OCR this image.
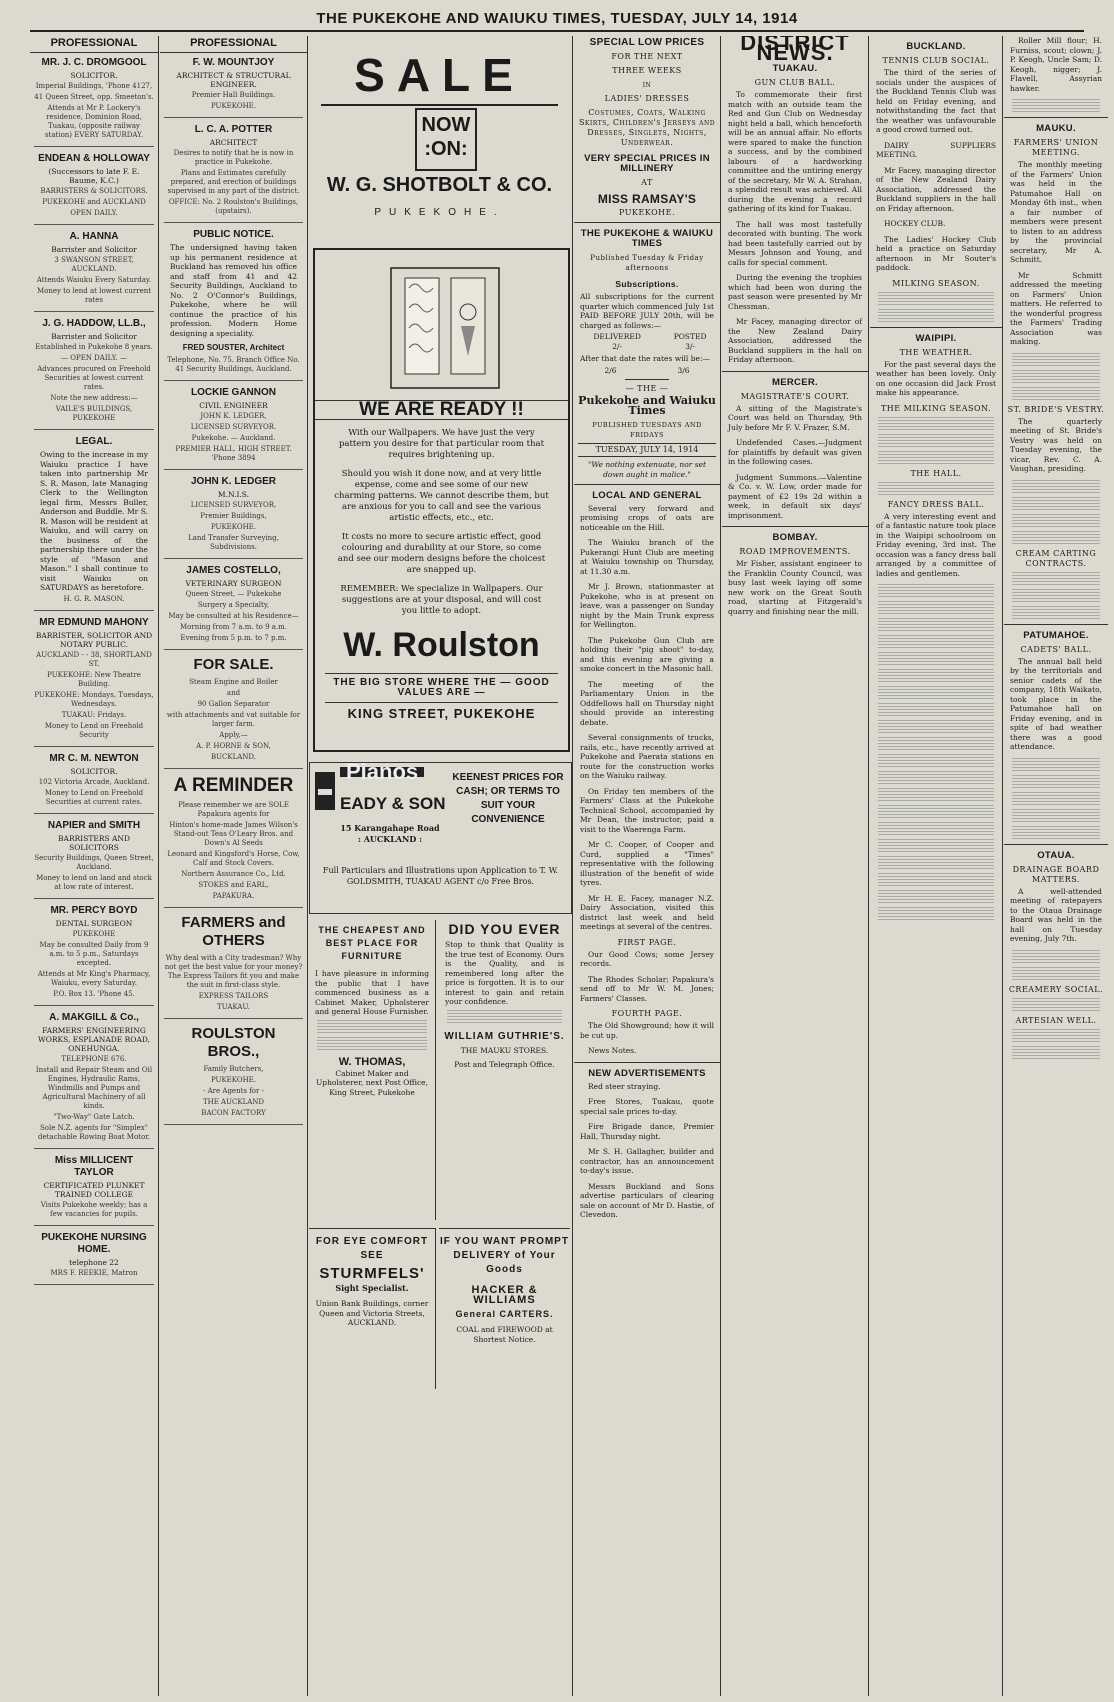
THE PUKEKOHE AND WAIUKU TIMES, TUESDAY, JULY 14, 1914
PROFESSIONAL
MR. J. C. DROMGOOL
SOLICITOR.
Imperial Buildings, 'Phone 4127,
41 Queen Street, opp. Smeeton's.
Attends at Mr P. Lockery's residence, Dominion Road, Tuakau, (opposite railway station) EVERY SATURDAY.
ENDEAN & HOLLOWAY
(Successors to late F. E. Baume, K.C.)
BARRISTERS & SOLICITORS.
PUKEKOHE and AUCKLAND
OPEN DAILY.
A. HANNA
Barrister and Solicitor
3 SWANSON STREET, AUCKLAND.
Attends Waiuku Every Saturday.
Money to lend at lowest current rates
J. G. HADDOW, LL.B.,
Barrister and Solicitor
Established in Pukekohe 8 years.
— OPEN DAILY. —
Advances procured on Freehold Securities at lowest current rates.
Note the new address:—
VAILE'S BUILDINGS, PUKEKOHE
LEGAL.
Owing to the increase in my Waiuku practice I have taken into partnership Mr S. R. Mason, late Managing Clerk to the Wellington legal firm, Messrs Buller, Anderson and Buddle. Mr S. R. Mason will be resident at Waiuku, and will carry on the business of the partnership there under the style of "Mason and Mason." I shall continue to visit Waiuku on SATURDAYS as heretofore.
H. G. R. MASON.
MR EDMUND MAHONY
BARRISTER, SOLICITOR AND NOTARY PUBLIC.
AUCKLAND - - 38, SHORTLAND ST.
PUKEKOHE: New Theatre Building.
PUKEKOHE: Mondays, Tuesdays, Wednesdays.
TUAKAU: Fridays.
Money to Lend on Freehold Security
MR C. M. NEWTON
SOLICITOR.
102 Victoria Arcade, Auckland.
Money to Lend on Freehold Securities at current rates.
NAPIER and SMITH
BARRISTERS AND SOLICITORS
Security Buildings, Queen Street, Auckland.
Money to lend on land and stock at low rate of interest.
MR. PERCY BOYD
DENTAL SURGEON
PUKEKOHE
May be consulted Daily from 9 a.m. to 5 p.m., Saturdays excepted.
Attends at Mr King's Pharmacy, Waiuku, every Saturday.
P.O. Box 13. 'Phone 45.
A. MAKGILL & Co.,
FARMERS' ENGINEERING WORKS, ESPLANADE ROAD, ONEHUNGA.
TELEPHONE 676.
Install and Repair Steam and Oil Engines, Hydraulic Rams, Windmills and Pumps and Agricultural Machinery of all kinds.
"Two-Way" Gate Latch.
Sole N.Z. agents for "Simplex" detachable Rowing Boat Motor.
Miss MILLICENT TAYLOR
CERTIFICATED PLUNKET TRAINED COLLEGE
Visits Pukekohe weekly; has a few vacancies for pupils.
PUKEKOHE NURSING HOME.
telephone 22
MRS F. REEKIE, Matron
PROFESSIONAL
F. W. MOUNTJOY
ARCHITECT & STRUCTURAL ENGINEER.
Premier Hall Buildings.
PUKEKOHE.
L. C. A. POTTER
ARCHITECT
Desires to notify that he is now in practice in Pukekohe.
Plans and Estimates carefully prepared, and erection of buildings supervised in any part of the district.
OFFICE: No. 2 Roulston's Buildings, (upstairs).
PUBLIC NOTICE.
The undersigned having taken up his permanent residence at Buckland has removed his office and staff from 41 and 42 Security Buildings, Auckland to No. 2 O'Connor's Buildings, Pukekohe, where he will continue the practice of his profession. Modern Home designing a speciality.
FRED SOUSTER, Architect
Telephone, No. 75. Branch Office No. 41 Security Buildings, Auckland.
LOCKIE GANNON
CIVIL ENGINEER
JOHN K. LEDGER,
LICENSED SURVEYOR.
Pukekohe. — Auckland.
PREMIER HALL. HIGH STREET. 'Phone 3894
JOHN K. LEDGER
M.N.I.S.
LICENSED SURVEYOR,
Premier Buildings,
PUKEKOHE.
Land Transfer Surveying, Subdivisions.
JAMES COSTELLO,
VETERINARY SURGEON
Queen Street, — Pukekohe
Surgery a Specialty,
May be consulted at his Residence—
Morning from 7 a.m. to 9 a.m.
Evening from 5 p.m. to 7 p.m.
FOR SALE.
Steam Engine and Boiler
and
90 Gallon Separator
with attachments and vat suitable for larger farm.
Apply,—
A. P. HORNE & SON,
BUCKLAND.
A REMINDER
Please remember we are SOLE Papakura agents for
Hinton's home-made James Wilson's Stand-out Teas O'Leary Bros. and Down's Al Seeds
Leonard and Kingsford's Horse, Cow, Calf and Stock Covers.
Northern Assurance Co., Ltd.
STOKES and EARL,
PAPAKURA.
FARMERS and OTHERS
Why deal with a City tradesman? Why not get the best value for your money? The Express Tailors fit you and make the suit in first-class style.
EXPRESS TAILORS
TUAKAU.
ROULSTON BROS.,
Family Butchers,
PUKEKOHE.
- Are Agents for -
THE AUCKLAND
BACON FACTORY
SALE
NOW :ON:
W. G. SHOTBOLT & CO.
PUKEKOHE.
WE ARE READY !!
With our Wallpapers. We have just the very pattern you desire for that particular room that requires brightening up.
Should you wish it done now, and at very little expense, come and see some of our new charming patterns. We cannot describe them, but are anxious for you to call and see the various artistic effects, etc., etc.
It costs no more to secure artistic effect, good colouring and durability at our Store, so come and see our modern designs before the choicest are snapped up.
REMEMBER: We specialize in Wallpapers. Our suggestions are at your disposal, and will cost you little to adopt.
W. Roulston
THE BIG STORE WHERE THE — GOOD VALUES ARE —
KING STREET, PUKEKOHE
Pianos
EADY & SON
15 Karangahape Road : AUCKLAND :
KEENEST PRICES FOR CASH; OR TERMS TO SUIT YOUR CONVENIENCE
Full Particulars and Illustrations upon Application to T. W. GOLDSMITH, TUAKAU AGENT c/o Free Bros.
THE CHEAPEST AND BEST PLACE FOR FURNITURE
I have pleasure in informing the public that I have commenced business as a Cabinet Maker, Upholsterer and general House Furnisher.
W. THOMAS,
Cabinet Maker and Upholsterer, next Post Office, King Street, Pukekohe
DID YOU EVER
Stop to think that Quality is the true test of Economy. Ours is the Quality, and is remembered long after the price is forgotten. It is to our interest to gain and retain your confidence.
WILLIAM GUTHRIE'S.
THE MAUKU STORES.
Post and Telegraph Office.
FOR EYE COMFORT SEE
STURMFELS'
Sight Specialist.
Union Bank Buildings, corner Queen and Victoria Streets, AUCKLAND.
IF YOU WANT PROMPT DELIVERY of Your Goods
HACKER & WILLIAMS
General CARTERS.
COAL and FIREWOOD at Shortest Notice.
SPECIAL LOW PRICES
FOR THE NEXT
THREE WEEKS
in
LADIES' DRESSES
Costumes, Coats, Walking Skirts, Children's Jerseys and Dresses, Singlets, Nights, Underwear.
VERY SPECIAL PRICES IN MILLINERY
AT
MISS RAMSAY'S
PUKEKOHE.
THE PUKEKOHE & WAIUKU TIMES
Published Tuesday & Friday afternoons
Subscriptions.
All subscriptions for the current quarter which commenced July 1st PAID BEFORE JULY 20th, will be charged as follows:—
DELIVERED	POSTED
2/-	3/-
After that date the rates will be:—
2/6	3/6
— THE —
Pukekohe and Waiuku Times
PUBLISHED TUESDAYS AND FRIDAYS
TUESDAY, JULY 14, 1914
"We nothing extenuate, nor set down aught in malice."
LOCAL AND GENERAL
Several very forward and promising crops of oats are noticeable on the Hill.
The Waiuku branch of the Pukerangi Hunt Club are meeting at Waiuku township on Thursday, at 11.30 a.m.
Mr J. Brown, stationmaster at Pukekohe, who is at present on leave, was a passenger on Sunday night by the Main Trunk express for Wellington.
The Pukekohe Gun Club are holding their "pig shoot" to-day, and this evening are giving a smoke concert in the Masonic hall.
The meeting of the Parliamentary Union in the Oddfellows hall on Thursday night should provide an interesting debate.
Several consignments of trucks, rails, etc., have recently arrived at Pukekohe and Paerata stations en route for the construction works on the Waiuku railway.
On Friday ten members of the Farmers' Class at the Pukekohe Technical School, accompanied by Mr Dean, the instructor, paid a visit to the Waerenga Farm.
Mr C. Cooper, of Cooper and Curd, supplied a "Times" representative with the following illustration of the benefit of wide tyres.
Mr H. E. Facey, manager N.Z. Dairy Association, visited this district last week and held meetings at several of the centres.
FIRST PAGE.
Our Good Cows; some Jersey records.
The Rhodes Scholar; Papakura's send off to Mr W. M. Jones; Farmers' Classes.
FOURTH PAGE.
The Old Showground; how it will be cut up.
News Notes.
NEW ADVERTISEMENTS
Red steer straying.
Free Stores, Tuakau, quote special sale prices to-day.
Fire Brigade dance, Premier Hall, Thursday night.
Mr S. H. Gallagher, builder and contractor, has an announcement to-day's issue.
Messrs Buckland and Sons advertise particulars of clearing sale on account of Mr D. Hastie, of Clevedon.
DISTRICT NEWS.
TUAKAU.
GUN CLUB BALL.
To commemorate their first match with an outside team the Red and Gun Club on Wednesday night held a ball, which henceforth will be an annual affair. No efforts were spared to make the function a success, and by the combined labours of a hardworking committee and the untiring energy of the secretary, Mr W. A. Strahan, a splendid result was achieved. All during the evening a record gathering of its kind for Tuakau.
The hall was most tastefully decorated with bunting. The work had been tastefully carried out by Messrs Johnson and Young, and calls for special comment.
During the evening the trophies which had been won during the past season were presented by Mr Chessman.
Mr Facey, managing director of the New Zealand Dairy Association, addressed the Buckland suppliers in the hall on Friday afternoon.
MERCER.
MAGISTRATE'S COURT.
A sitting of the Magistrate's Court was held on Thursday, 9th July before Mr F. V. Frazer, S.M.
Undefended Cases.—Judgment for plaintiffs by default was given in the following cases.
Judgment Summons.—Valentine & Co. v. W. Low, order made for payment of £2 19s 2d within a week, in default six days' imprisonment.
BOMBAY.
ROAD IMPROVEMENTS.
Mr Fisher, assistant engineer to the Franklin County Council, was busy last week laying off some new work on the Great South road, starting at Fitzgerald's quarry and finishing near the mill.
BUCKLAND.
TENNIS CLUB SOCIAL.
The third of the series of socials under the auspices of the Buckland Tennis Club was held on Friday evening, and notwithstanding the fact that the weather was unfavourable a good crowd turned out.
DAIRY SUPPLIERS MEETING.
Mr Facey, managing director of the New Zealand Dairy Association, addressed the Buckland suppliers in the hall on Friday afternoon.
HOCKEY CLUB.
The Ladies' Hockey Club held a practice on Saturday afternoon in Mr Souter's paddock.
MILKING SEASON.
WAIPIPI.
THE WEATHER.
For the past several days the weather has been lovely. Only on one occasion did Jack Frost make his appearance.
THE MILKING SEASON.
THE HALL.
FANCY DRESS BALL.
A very interesting event and of a fantastic nature took place in the Waipipi schoolroom on Friday evening, 3rd inst. The occasion was a fancy dress ball arranged by a committee of ladies and gentlemen.
Roller Mill flour; H. Furniss, scout; clown; J. P. Keogh, Uncle Sam; D. Keogh, nigger; J. Flavell, Assyrian hawker.
MAUKU.
FARMERS' UNION MEETING.
The monthly meeting of the Farmers' Union was held in the Patumahoe Hall on Monday 6th inst., when a fair number of members were present to listen to an address by the provincial secretary, Mr A. Schmitt.
Mr Schmitt addressed the meeting on Farmers' Union matters. He referred to the wonderful progress the Farmers' Trading Association was making.
ST. BRIDE'S VESTRY.
The quarterly meeting of St. Bride's Vestry was held on Tuesday evening, the vicar, Rev. C. A. Vaughan, presiding.
CREAM CARTING CONTRACTS.
PATUMAHOE.
CADETS' BALL.
The annual ball held by the territorials and senior cadets of the company, 18th Waikato, took place in the Patumahoe hall on Friday evening, and in spite of bad weather there was a good attendance.
OTAUA.
DRAINAGE BOARD MATTERS.
A well-attended meeting of ratepayers to the Otaua Drainage Board was held in the hall on Tuesday evening, July 7th.
CREAMERY SOCIAL.
ARTESIAN WELL.
